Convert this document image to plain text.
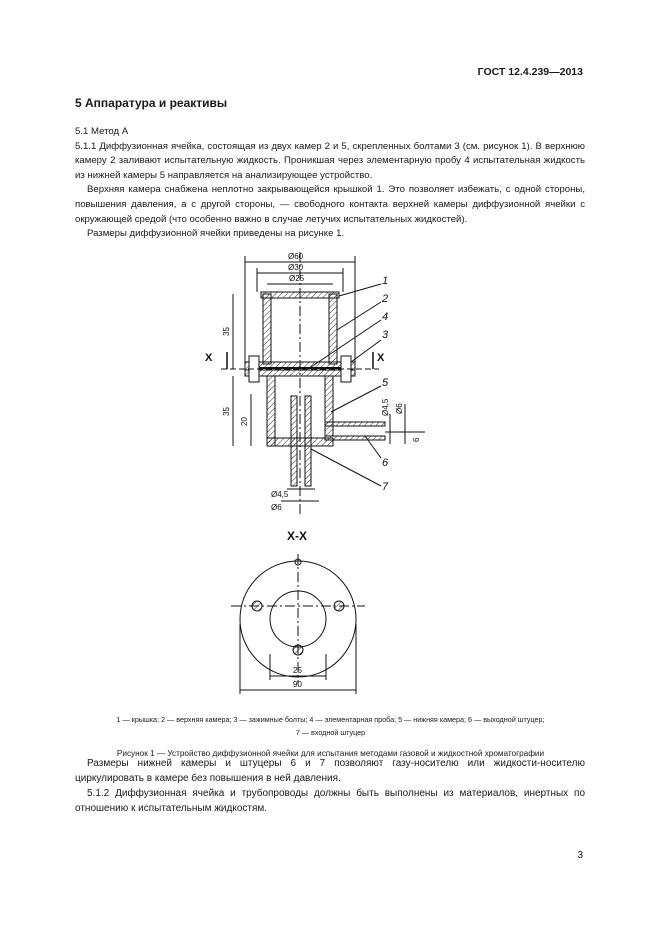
ГОСТ 12.4.239—2013
5 Аппаратура и реактивы

5.1 Метод А

5.1.1 Диффузионная ячейка, состоящая из двух камер 2 и 5, скрепленных болтами 3 (см. рисунок 1). В верхнюю камеру 2 заливают испытательную жидкость. Проникшая через элементарную пробу 4 испытательная жидкость из нижней камеры 5 направляется на анализирующее устройство.

Верхняя камера снабжена неплотно закрывающейся крышкой 1. Это позволяет избежать, с одной стороны, повышения давления, а с другой стороны, — свободного контакта верхней камеры диффузионной ячейки с окружающей средой (что особенно важно в случае летучих испытательных жидкостей).

Размеры диффузионной ячейки приведены на рисунке 1.

Ø60
Ø30
Ø25
35
35
20
Ø4,5 Ø6
6
Ø4,5
Ø6
X	X
X-X
1
2
4
3
5
6
7
25
90
1 — крышка; 2 — верхняя камера; 3 — зажимные болты; 4 — элементарная проба; 5 — нижняя камера; 6 — выходной штуцер;
7 — входной штуцер
Рисунок 1 — Устройство диффузионной ячейки для испытания методами газовой и жидкостной хроматографии

Размеры нижней камеры и штуцеры 6 и 7 позволяют газу-носителю или жидкости-носителю циркулировать в камере без повышения в ней давления.

5.1.2 Диффузионная ячейка и трубопроводы должны быть выполнены из материалов, инертных по отношению к испытательным жидкостям.

3
